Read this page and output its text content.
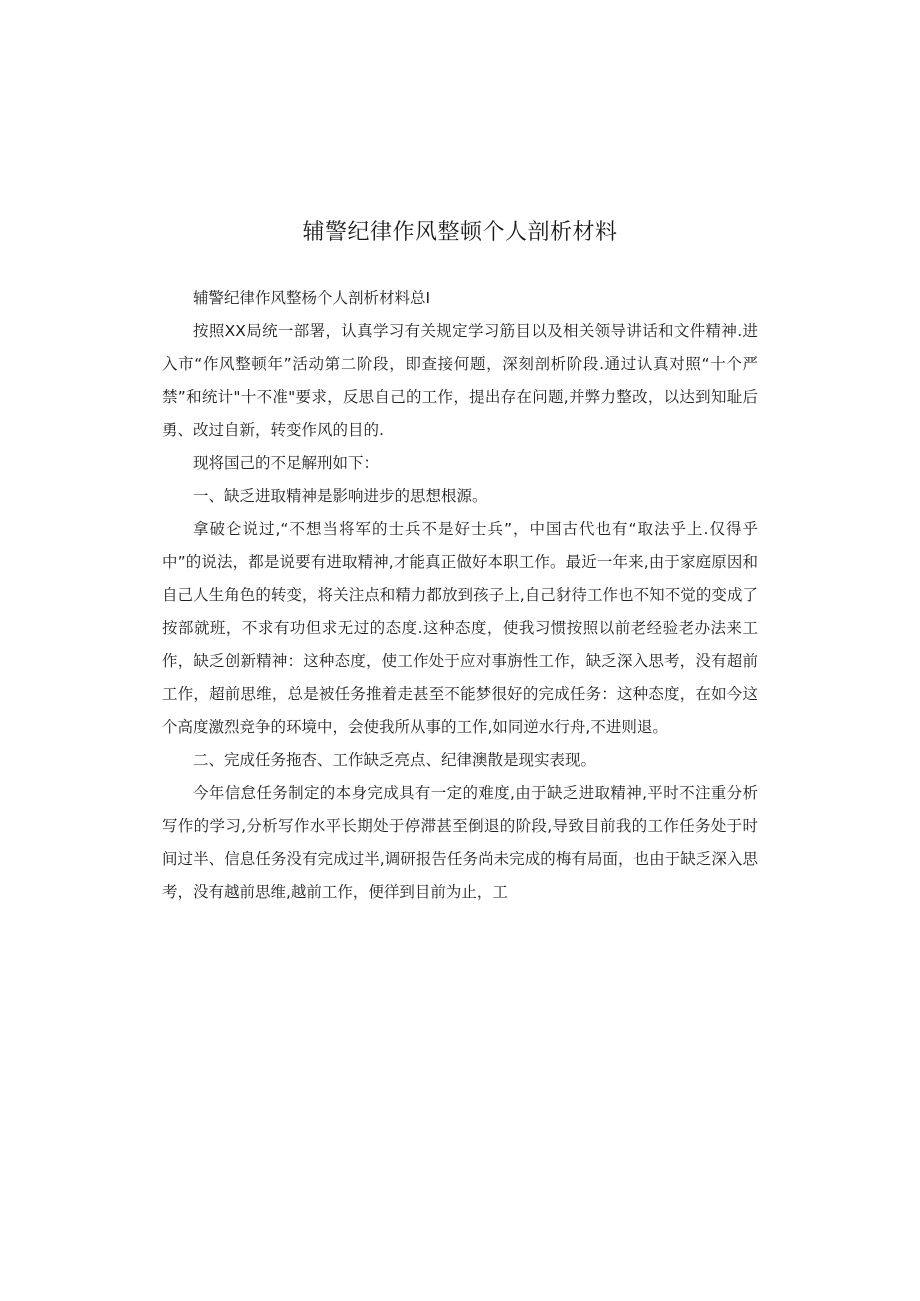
辅警纪律作风整顿个人剖析材料

辅警纪律作风整杨个人剖析材料总I

按照XX局统一部署，认真学习有关规定学习筋目以及相关领导讲话和文件精神.进入市“作风整顿年”活动第二阶段，即查接何题，深刻剖析阶段.通过认真对照“十个严禁”和统计"十不准"要求，反思自己的工作，提出存在问题,并弊力整改，以达到知耻后勇、改过自新，转变作风的目的.

现将国己的不足解刑如下：

一、缺乏进取精神是影响进步的思想根源。

拿破仑说过,“不想当将军的士兵不是好士兵”，中国古代也有“取法乎上.仅得乎中”的说法，都是说要有进取精神,才能真正做好本职工作。最近一年来,由于家庭原因和自己人生角色的转变，将关注点和精力都放到孩子上,自己豺待工作也不知不觉的变成了按部就班，不求有功但求无过的态度.这种态度，使我习惯按照以前老经验老办法来工作，缺乏创新精神：这种态度，使工作处于应对事旃性工作，缺乏深入思考，没有超前工作，超前思维，总是被任务推着走甚至不能梦很好的完成任务：这种态度，在如今这个高度激烈竞争的环境中，会使我所从事的工作,如同逆水行舟,不进则退。

二、完成任务拖杏、工作缺乏亮点、纪律澳散是现实表现。

今年信怠任务制定的本身完成具有一定的难度,由于缺乏进取精神,平时不注重分析写作的学习,分析写作水平长期处于停滞甚至倒退的阶段,导致目前我的工作任务处于时间过半、信息任务没有完成过半,调研报告任务尚未完成的梅有局面，也由于缺乏深入思考，没有越前思维,越前工作，便徉到目前为止，工
